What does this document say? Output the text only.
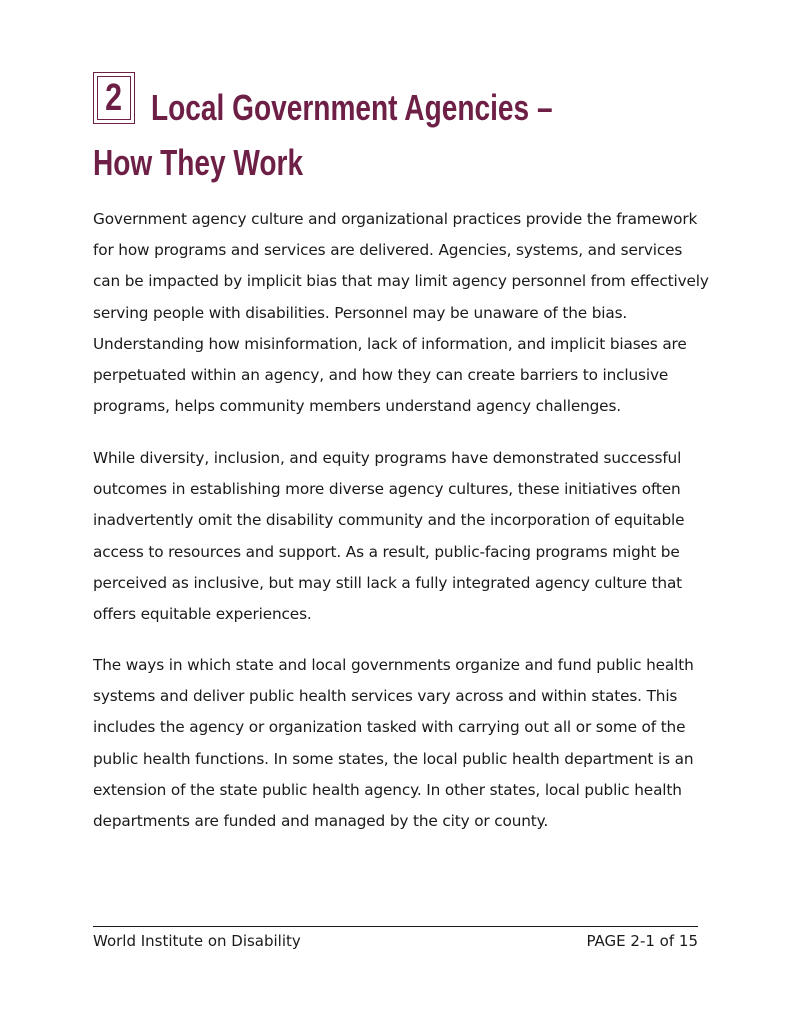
2 Local Government Agencies –
How They Work
Government agency culture and organizational practices provide the framework
for how programs and services are delivered. Agencies, systems, and services
can be impacted by implicit bias that may limit agency personnel from effectively
serving people with disabilities. Personnel may be unaware of the bias.
Understanding how misinformation, lack of information, and implicit biases are
perpetuated within an agency, and how they can create barriers to inclusive
programs, helps community members understand agency challenges.
While diversity, inclusion, and equity programs have demonstrated successful
outcomes in establishing more diverse agency cultures, these initiatives often
inadvertently omit the disability community and the incorporation of equitable
access to resources and support. As a result, public-facing programs might be
perceived as inclusive, but may still lack a fully integrated agency culture that
offers equitable experiences.
The ways in which state and local governments organize and fund public health
systems and deliver public health services vary across and within states. This
includes the agency or organization tasked with carrying out all or some of the
public health functions. In some states, the local public health department is an
extension of the state public health agency. In other states, local public health
departments are funded and managed by the city or county.
World Institute on Disability	PAGE 2-1 of 15
